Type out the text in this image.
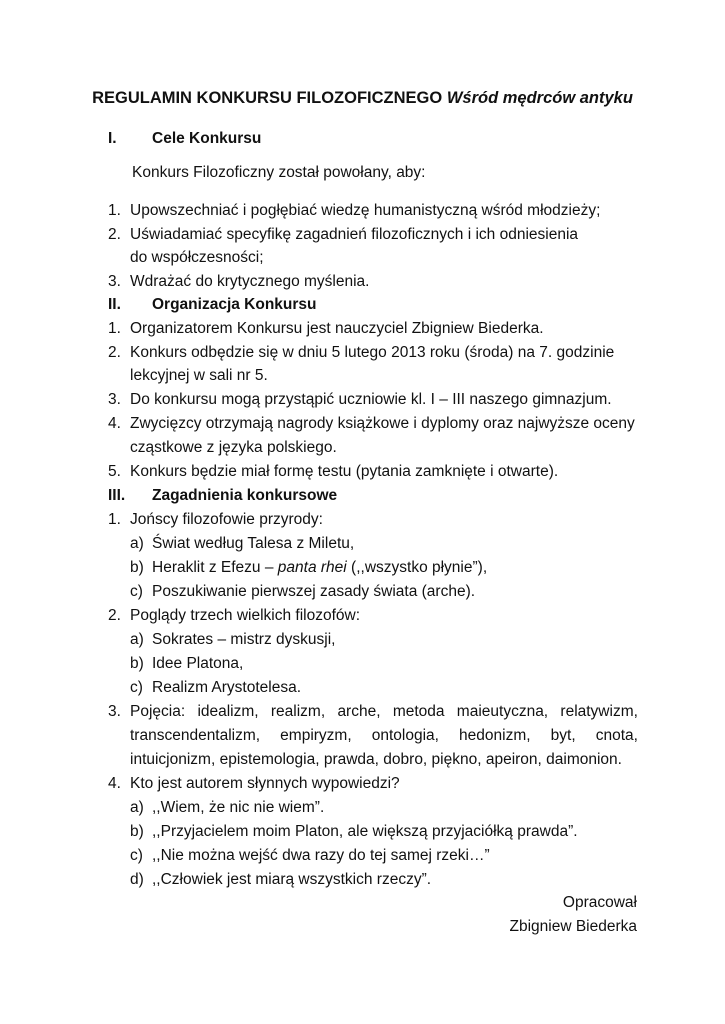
REGULAMIN KONKURSU FILOZOFICZNEGO Wśród mędrców antyku
I. Cele Konkursu
Konkurs Filozoficzny został powołany, aby:
1. Upowszechniać i pogłębiać wiedzę humanistyczną wśród młodzieży;
2. Uświadamiać specyfikę zagadnień filozoficznych i ich odniesienia
do współczesności;
3. Wdrażać do krytycznego myślenia.
II. Organizacja Konkursu
1. Organizatorem Konkursu jest nauczyciel Zbigniew Biederka.
2. Konkurs odbędzie się w dniu 5 lutego 2013 roku (środa) na 7. godzinie
lekcyjnej w sali nr 5.
3. Do konkursu mogą przystąpić uczniowie kl. I – III naszego gimnazjum.
4. Zwycięzcy otrzymają nagrody książkowe i dyplomy oraz najwyższe oceny
cząstkowe z języka polskiego.
5. Konkurs będzie miał formę testu (pytania zamknięte i otwarte).
III. Zagadnienia konkursowe
1. Jońscy filozofowie przyrody:
a) Świat według Talesa z Miletu,
b) Heraklit z Efezu – panta rhei (,,wszystko płynie”),
c) Poszukiwanie pierwszej zasady świata (arche).
2. Poglądy trzech wielkich filozofów:
a) Sokrates – mistrz dyskusji,
b) Idee Platona,
c) Realizm Arystotelesa.
3. Pojęcia: idealizm, realizm, arche, metoda maieutyczna, relatywizm,
transcendentalizm, empiryzm, ontologia, hedonizm, byt, cnota,
intuicjonizm, epistemologia, prawda, dobro, piękno, apeiron, daimonion.
4. Kto jest autorem słynnych wypowiedzi?
a) ,,Wiem, że nic nie wiem”.
b) ,,Przyjacielem moim Platon, ale większą przyjaciółką prawda”.
c) ,,Nie można wejść dwa razy do tej samej rzeki…”
d) ,,Człowiek jest miarą wszystkich rzeczy”.
Opracował
Zbigniew Biederka
